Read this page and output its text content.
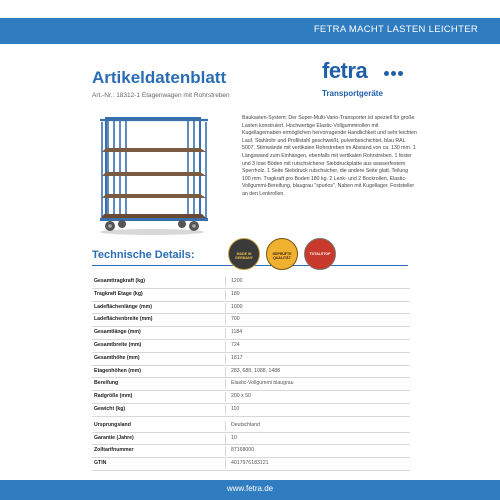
FETRA MACHT LASTEN LEICHTER
Artikeldatenblatt
Art.-Nr.: 18312-1 Etagenwagen mit Rohrstreben
fetra
Transportgeräte
Baukasten-System: Der Super-Multi-Vario-Transporter ist speziell für große Lasten konstruiert. Hochwertige Elastic-Vollgummirollen mit Kugellagernaben ermöglichen hervorragende Handlichkeit und sehr leichten Lauf. Stahlrohr und Profilstahl geschweißt, pulverbeschichtet, blau RAL 5007. Stirnwände mit vertikalen Rohrstreben im Abstand von ca. 130 mm. 1 Längswand zum Einhängen, ebenfalls mit vertikalen Rohrstreben. 1 fester und 3 lose Böden mit rutschsicherer Siebdruckplatte aus wasserfestem Sperrholz. 1 Seite Siebdruck rutschsicher, die andere Seite glatt. Teilung 100 mm. Tragkraft pro Boden 180 kg. 2 Lenk- und 2 Bockrollen, Elastic-Vollgummi-Bereifung, blaugrau "spurlos". Naben mit Kugellager. Feststeller an den Lenkrollen.
Technische Details:	MADE IN GERMANY
GEPRÜFTE QUALITÄT
TOTALSTOP
Gesamttragkraft (kg)	1200
Tragkraft Etage (kg)	180
Ladeflächenlänge (mm)	1000
Ladeflächenbreite (mm)	700
Gesamtlänge (mm)	1184
Gesamtbreite (mm)	724
Gesamthöhe (mm)	1817
Etagenhöhen (mm)	283, 688, 1088, 1488
Bereifung	Elastic-Vollgummi blaugrau
Radgröße (mm)	200 x 50
Gewicht (kg)	110
Ursprungsland	Deutschland
Garantie (Jahre)	10
Zolltarifnummer	87168000
GTIN	4017976183121
www.fetra.de
